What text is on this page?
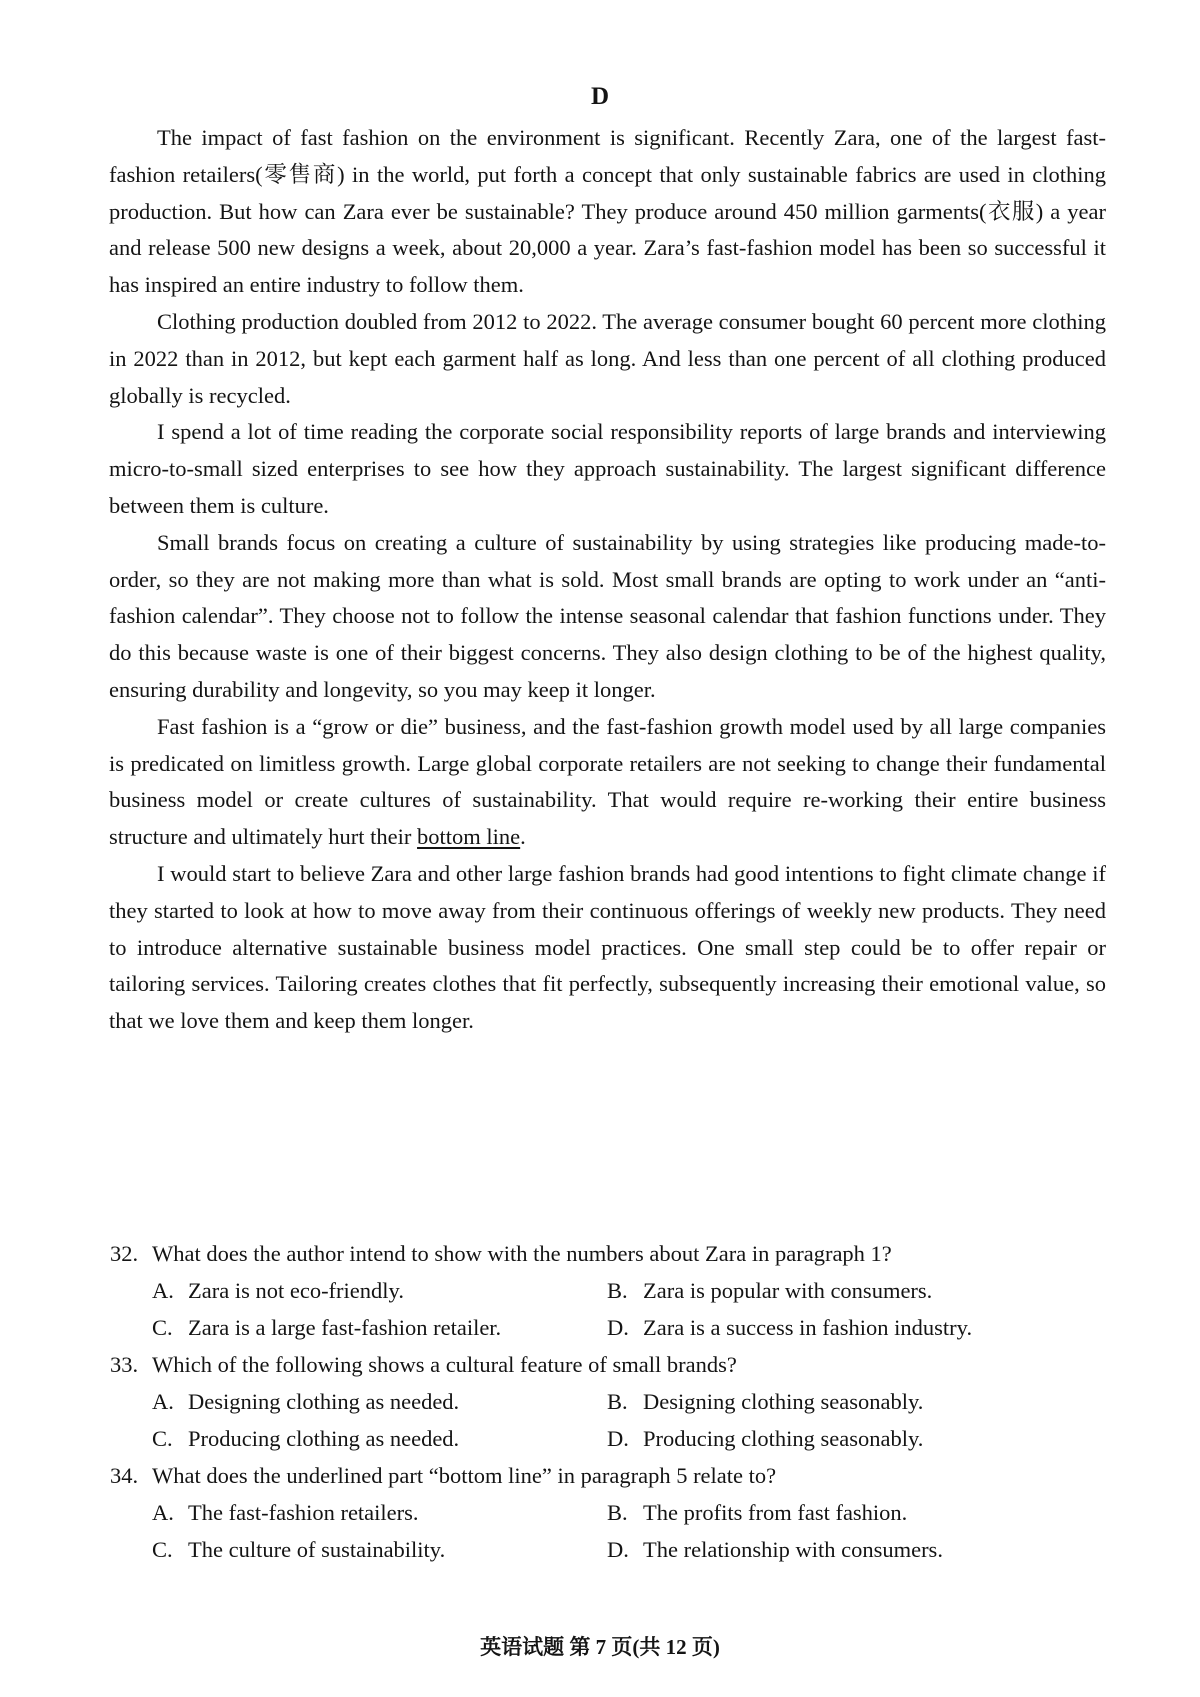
D

The impact of fast fashion on the environment is significant. Recently Zara, one of the largest fast-fashion retailers(零售商) in the world, put forth a concept that only sustainable fabrics are used in clothing production. But how can Zara ever be sustainable? They produce around 450 million garments(衣服) a year and release 500 new designs a week, about 20,000 a year. Zara’s fast-fashion model has been so successful it has inspired an entire industry to follow them.

Clothing production doubled from 2012 to 2022. The average consumer bought 60 percent more clothing in 2022 than in 2012, but kept each garment half as long. And less than one percent of all clothing produced globally is recycled.

I spend a lot of time reading the corporate social responsibility reports of large brands and interviewing micro-to-small sized enterprises to see how they approach sustainability. The largest significant difference between them is culture.

Small brands focus on creating a culture of sustainability by using strategies like producing made-to-order, so they are not making more than what is sold. Most small brands are opting to work under an “anti-fashion calendar”. They choose not to follow the intense seasonal calendar that fashion functions under. They do this because waste is one of their biggest concerns. They also design clothing to be of the highest quality, ensuring durability and longevity, so you may keep it longer.

Fast fashion is a “grow or die” business, and the fast-fashion growth model used by all large companies is predicated on limitless growth. Large global corporate retailers are not seeking to change their fundamental business model or create cultures of sustainability. That would require re-working their entire business structure and ultimately hurt their bottom line.

I would start to believe Zara and other large fashion brands had good intentions to fight climate change if they started to look at how to move away from their continuous offerings of weekly new products. They need to introduce alternative sustainable business model practices. One small step could be to offer repair or tailoring services. Tailoring creates clothes that fit perfectly, subsequently increasing their emotional value, so that we love them and keep them longer.

32. What does the author intend to show with the numbers about Zara in paragraph 1?
A. Zara is not eco-friendly.	B. Zara is popular with consumers.
C. Zara is a large fast-fashion retailer.	D. Zara is a success in fashion industry.
33. Which of the following shows a cultural feature of small brands?
A. Designing clothing as needed.	B. Designing clothing seasonably.
C. Producing clothing as needed.	D. Producing clothing seasonably.
34. What does the underlined part “bottom line” in paragraph 5 relate to?
A. The fast-fashion retailers.	B. The profits from fast fashion.
C. The culture of sustainability.	D. The relationship with consumers.
英语试题 第 7 页(共 12 页)
